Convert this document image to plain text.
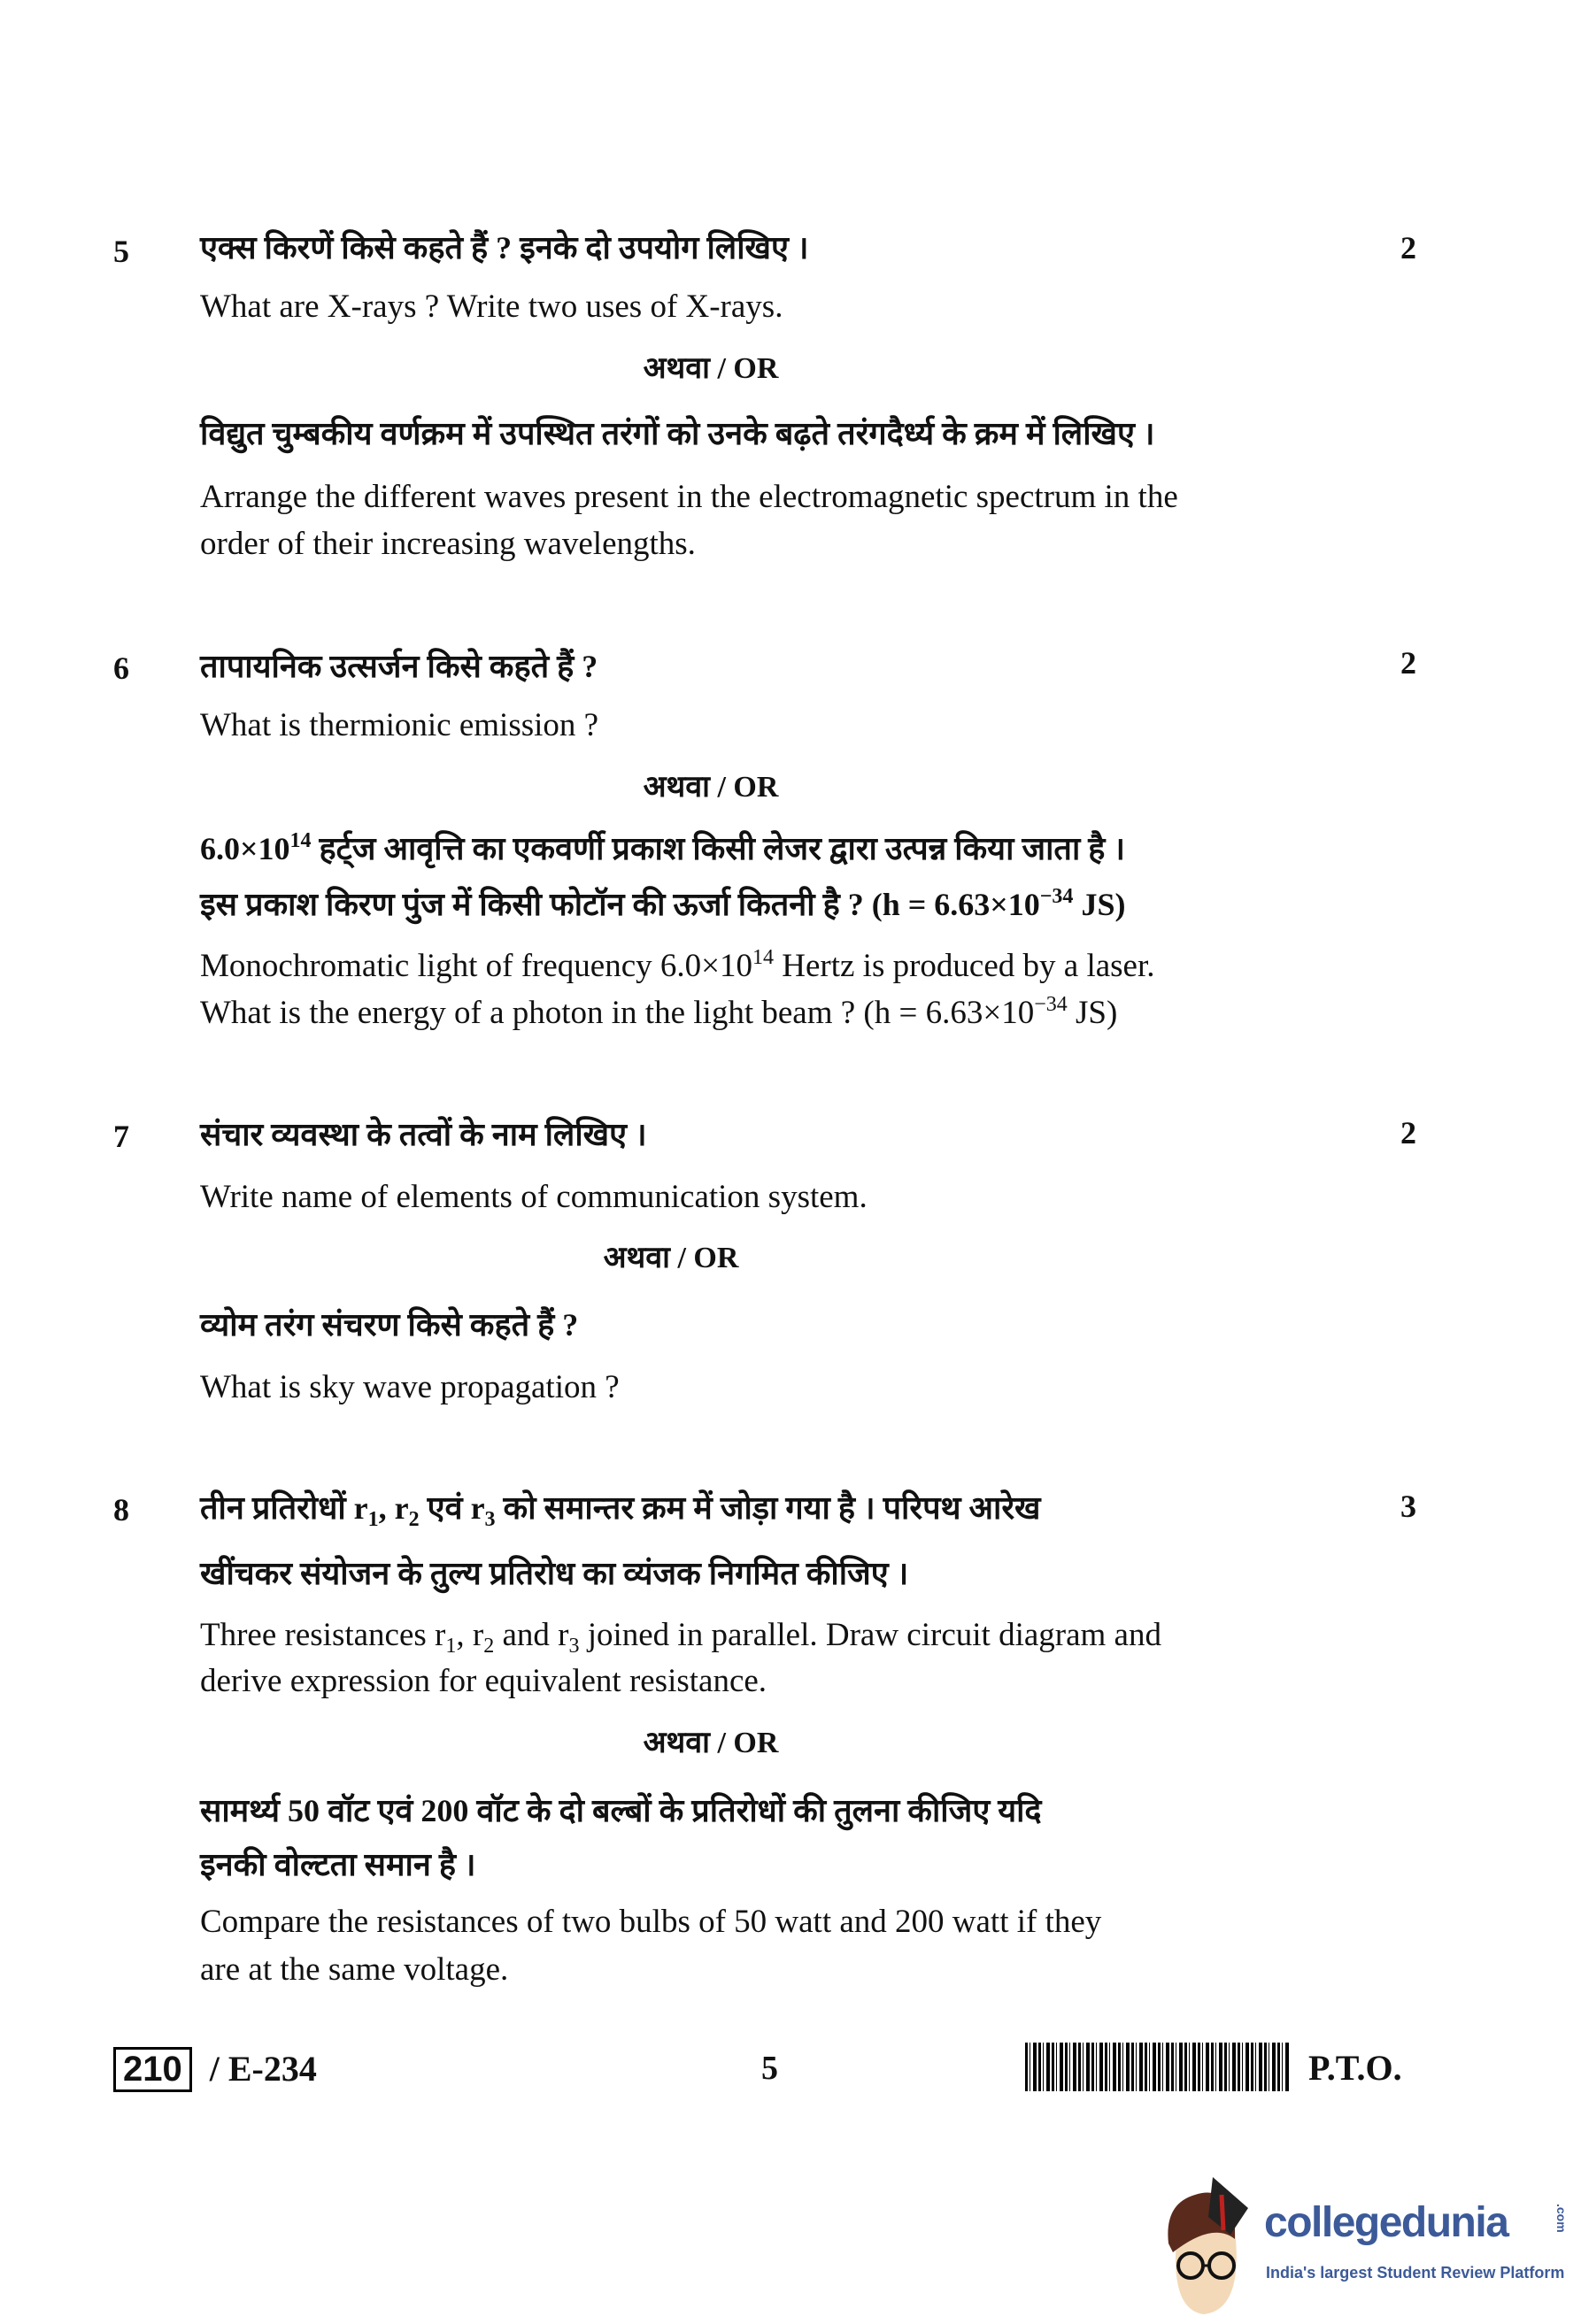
5	2
एक्स किरणें किसे कहते हैं ? इनके दो उपयोग लिखिए ।
What are X-rays ? Write two uses of X-rays.
अथवा / OR
विद्युत चुम्बकीय वर्णक्रम में उपस्थित तरंगों को उनके बढ़ते तरंगदैर्ध्य के क्रम में लिखिए ।
Arrange the different waves present in the electromagnetic spectrum in the
order of their increasing wavelengths.
6	2
तापायनिक उत्सर्जन किसे कहते हैं ?
What is thermionic emission ?
अथवा / OR
$6.0\times 10^{14}$ हर्ट्ज आवृत्ति का एकवर्णी प्रकाश किसी लेजर द्वारा उत्पन्न किया जाता है ।
इस प्रकाश किरण पुंज में किसी फोटॉन की ऊर्जा कितनी है ? ($h = 6.63\times 10^{-34}$ JS)
Monochromatic light of frequency $6.0\times 10^{14}$ Hertz is produced by a laser.
What is the energy of a photon in the light beam ? ($h = 6.63\times 10^{-34}$ JS)
7	2
संचार व्यवस्था के तत्वों के नाम लिखिए ।
Write name of elements of communication system.
अथवा / OR
व्योम तरंग संचरण किसे कहते हैं ?
What is sky wave propagation ?
8	3
तीन प्रतिरोधों $r_1$, $r_2$ एवं $r_3$ को समान्तर क्रम में जोड़ा गया है । परिपथ आरेख
खींचकर संयोजन के तुल्य प्रतिरोध का व्यंजक निगमित कीजिए ।
Three resistances $r_1$, $r_2$ and $r_3$ joined in parallel. Draw circuit diagram and
derive expression for equivalent resistance.
अथवा / OR
सामर्थ्य 50 वॉट एवं 200 वॉट के दो बल्बों के प्रतिरोधों की तुलना कीजिए यदि
इनकी वोल्टता समान है ।
Compare the resistances of two bulbs of 50 watt and 200 watt if they
are at the same voltage.
210 / E-234	5	P.T.O.
collegedunia	.com
India's largest Student Review Platform
